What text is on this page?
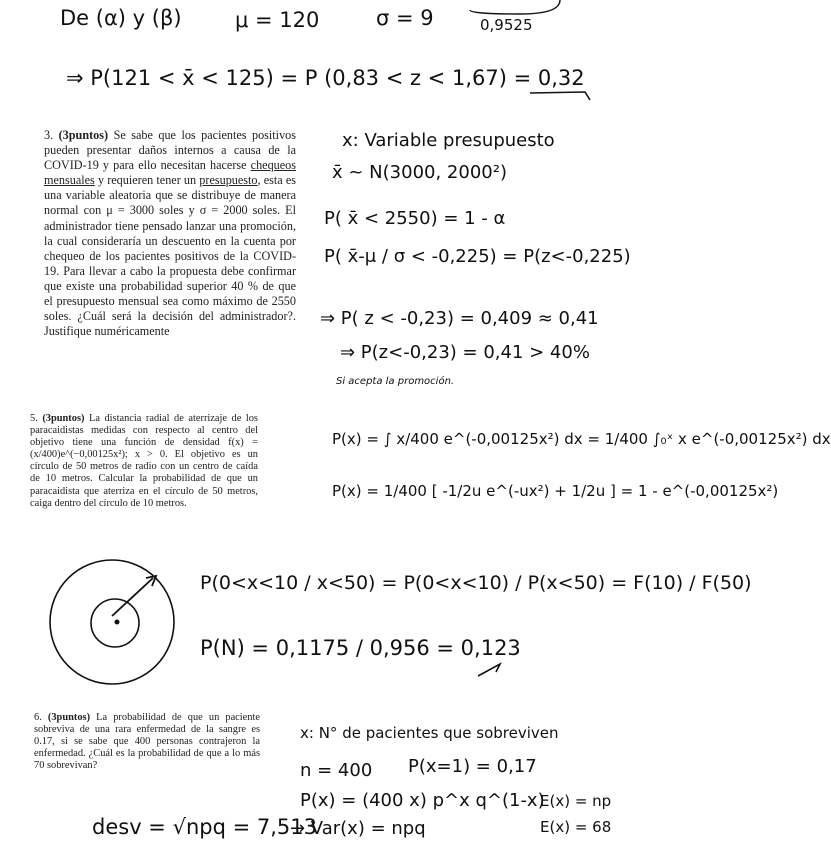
De (α) y (β)	μ = 120	σ = 9	0,9525
⇒ P(121 < x̄ < 125) = P (0,83 < z < 1,67) = 0,32

3. (3puntos) Se sabe que los pacientes positivos pueden presentar daños internos a causa de la COVID-19 y para ello necesitan hacerse chequeos mensuales y requieren tener un presupuesto, esta es una variable aleatoria que se distribuye de manera normal con μ = 3000 soles y σ = 2000 soles. El administrador tiene pensado lanzar una promoción, la cual consideraría un descuento en la cuenta por chequeo de los pacientes positivos de la COVID-19. Para llevar a cabo la propuesta debe confirmar que existe una probabilidad superior 40 % de que el presupuesto mensual sea como máximo de 2550 soles. ¿Cuál será la decisión del administrador?. Justifique numéricamente

x: Variable presupuesto
x̄ ~ N(3000, 2000²)
P( x̄ < 2550) = 1 - α
P( x̄-μ / σ < -0,225) = P(z<-0,225)
⇒ P( z < -0,23) = 0,409 ≈ 0,41
⇒ P(z<-0,23) = 0,41 > 40%
Si acepta la promoción.

5. (3puntos) La distancia radial de aterrizaje de los paracaidistas medidas con respecto al centro del objetivo tiene una función de densidad f(x) = (x/400)e^(−0,00125x²); x > 0. El objetivo es un círculo de 50 metros de radio con un centro de caída de 10 metros. Calcular la probabilidad de que un paracaidista que aterriza en el círculo de 50 metros, caiga dentro del círculo de 10 metros.

P(x) = ∫ x/400 e^(-0,00125x²) dx = 1/400 ∫₀ˣ x e^(-0,00125x²) dx
P(x) = 1/400 [ -1/2u e^(-ux²) + 1/2u ] = 1 - e^(-0,00125x²)
P(0<x<10 / x<50) = P(0<x<10) / P(x<50) = F(10) / F(50)
P(N) = 0,1175 / 0,956 = 0,123

6. (3puntos) La probabilidad de que un paciente sobreviva de una rara enfermedad de la sangre es 0.17, si se sabe que 400 personas contrajeron la enfermedad. ¿Cuál es la probabilidad de que a lo más 70 sobrevivan?

x: N° de pacientes que sobreviven
n = 400 P(x=1) = 0,17
P(x) = (400 x) p^x q^(1-x)
E(x) = np
E(x) = 68
desv = √npq = 7,513
→ Var(x) = npq
